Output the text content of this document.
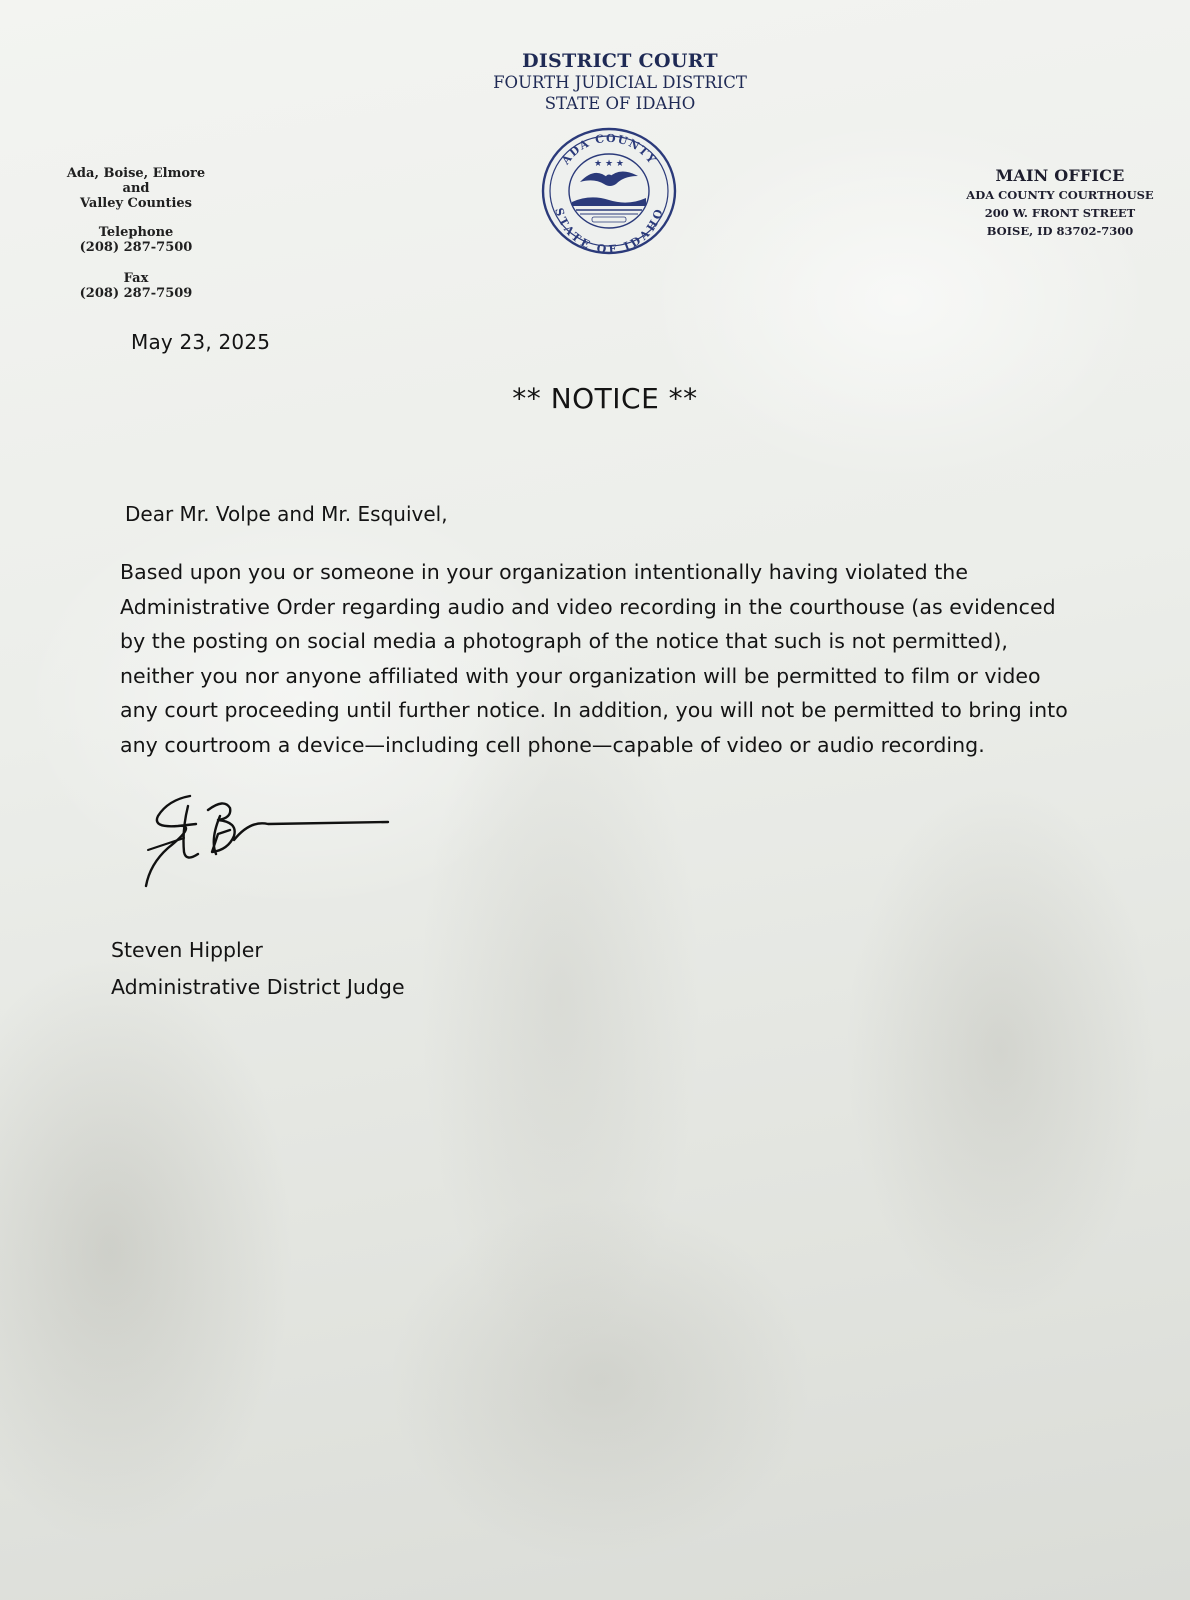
DISTRICT COURT
FOURTH JUDICIAL DISTRICT
STATE OF IDAHO
ADA COUNTY
STATE OF IDAHO
★ ★ ★
Ada, Boise, Elmore
and
Valley Counties
Telephone
(208) 287-7500
Fax
(208) 287-7509
MAIN OFFICE
ADA COUNTY COURTHOUSE
200 W. FRONT STREET
BOISE, ID 83702-7300
May 23, 2025
** NOTICE **
Dear Mr. Volpe and Mr. Esquivel,
Based upon you or someone in your organization intentionally having violated the
Administrative Order regarding audio and video recording in the courthouse (as evidenced
by the posting on social media a photograph of the notice that such is not permitted),
neither you nor anyone affiliated with your organization will be permitted to film or video
any court proceeding until further notice. In addition, you will not be permitted to bring into
any courtroom a device—including cell phone—capable of video or audio recording.
Steven Hippler
Administrative District Judge
